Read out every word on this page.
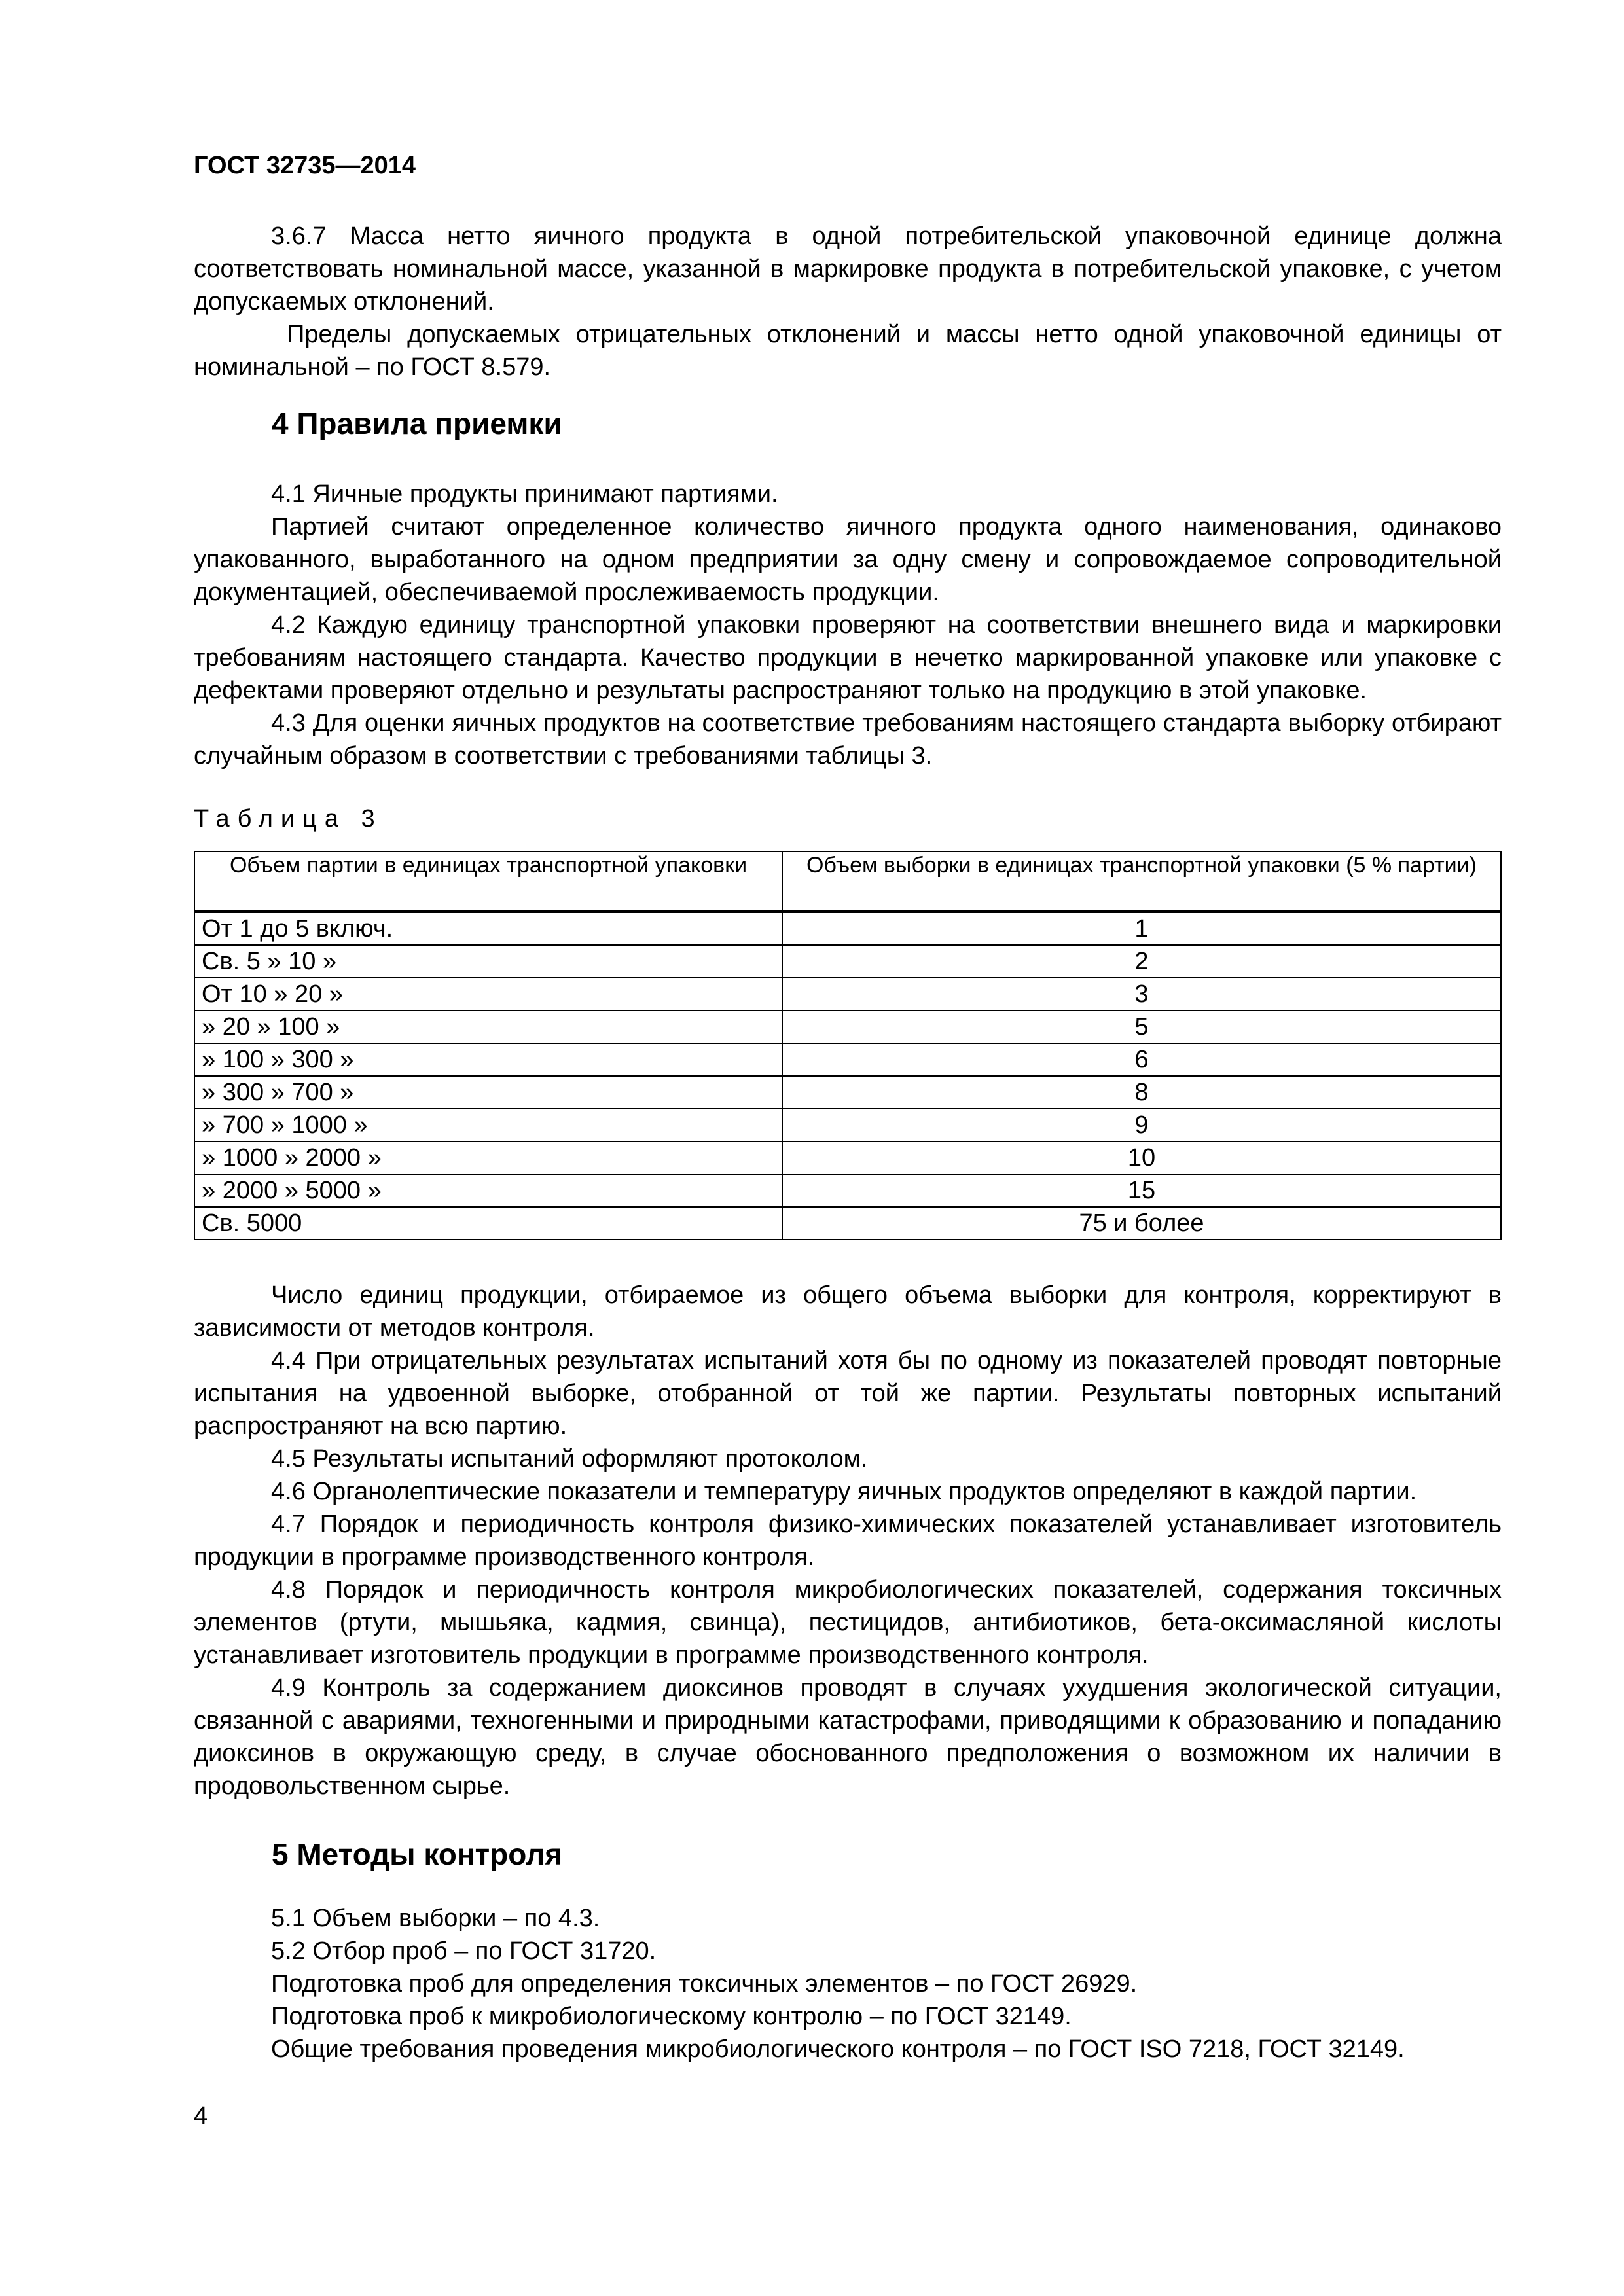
ГОСТ 32735—2014

3.6.7 Масса нетто яичного продукта в одной потребительской упаковочной единице должна соответствовать номинальной массе, указанной в маркировке продукта в потребительской упаковке, с учетом допускаемых отклонений.

Пределы допускаемых отрицательных отклонений и массы нетто одной упаковочной единицы от номинальной – по ГОСТ 8.579.

4 Правила приемки

4.1 Яичные продукты принимают партиями.

Партией считают определенное количество яичного продукта одного наименования, одинаково упакованного, выработанного на одном предприятии за одну смену и сопровождаемое сопроводительной документацией, обеспечиваемой прослеживаемость продукции.

4.2 Каждую единицу транспортной упаковки проверяют на соответствии внешнего вида и маркировки требованиям настоящего стандарта. Качество продукции в нечетко маркированной упаковке или упаковке с дефектами проверяют отдельно и результаты распространяют только на продукцию в этой упаковке.

4.3 Для оценки яичных продуктов на соответствие требованиям настоящего стандарта выборку отбирают случайным образом в соответствии с требованиями таблицы 3.

Таблица 3
Объем партии в единицах транспортной упаковки	Объем выборки в единицах транспортной упаковки (5 % партии)
От 1 до 5 включ.	1
Св. 5 » 10 »	2
От 10 » 20 »	3
» 20 » 100 »	5
» 100 » 300 »	6
» 300 » 700 »	8
» 700 » 1000 »	9
» 1000 » 2000 »	10
» 2000 » 5000 »	15
Св. 5000	75 и более

Число единиц продукции, отбираемое из общего объема выборки для контроля, корректируют в зависимости от методов контроля.

4.4 При отрицательных результатах испытаний хотя бы по одному из показателей проводят повторные испытания на удвоенной выборке, отобранной от той же партии. Результаты повторных испытаний распространяют на всю партию.

4.5 Результаты испытаний оформляют протоколом.

4.6 Органолептические показатели и температуру яичных продуктов определяют в каждой партии.

4.7 Порядок и периодичность контроля физико-химических показателей устанавливает изготовитель продукции в программе производственного контроля.

4.8 Порядок и периодичность контроля микробиологических показателей, содержания токсичных элементов (ртути, мышьяка, кадмия, свинца), пестицидов, антибиотиков, бета-оксимасляной кислоты устанавливает изготовитель продукции в программе производственного контроля.

4.9 Контроль за содержанием диоксинов проводят в случаях ухудшения экологической ситуации, связанной с авариями, техногенными и природными катастрофами, приводящими к образованию и попаданию диоксинов в окружающую среду, в случае обоснованного предположения о возможном их наличии в продовольственном сырье.

5 Методы контроля

5.1 Объем выборки – по 4.3.

5.2 Отбор проб – по ГОСТ 31720.

Подготовка проб для определения токсичных элементов – по ГОСТ 26929.

Подготовка проб к микробиологическому контролю – по ГОСТ 32149.

Общие требования проведения микробиологического контроля – по ГОСТ ISO 7218, ГОСТ 32149.

4
